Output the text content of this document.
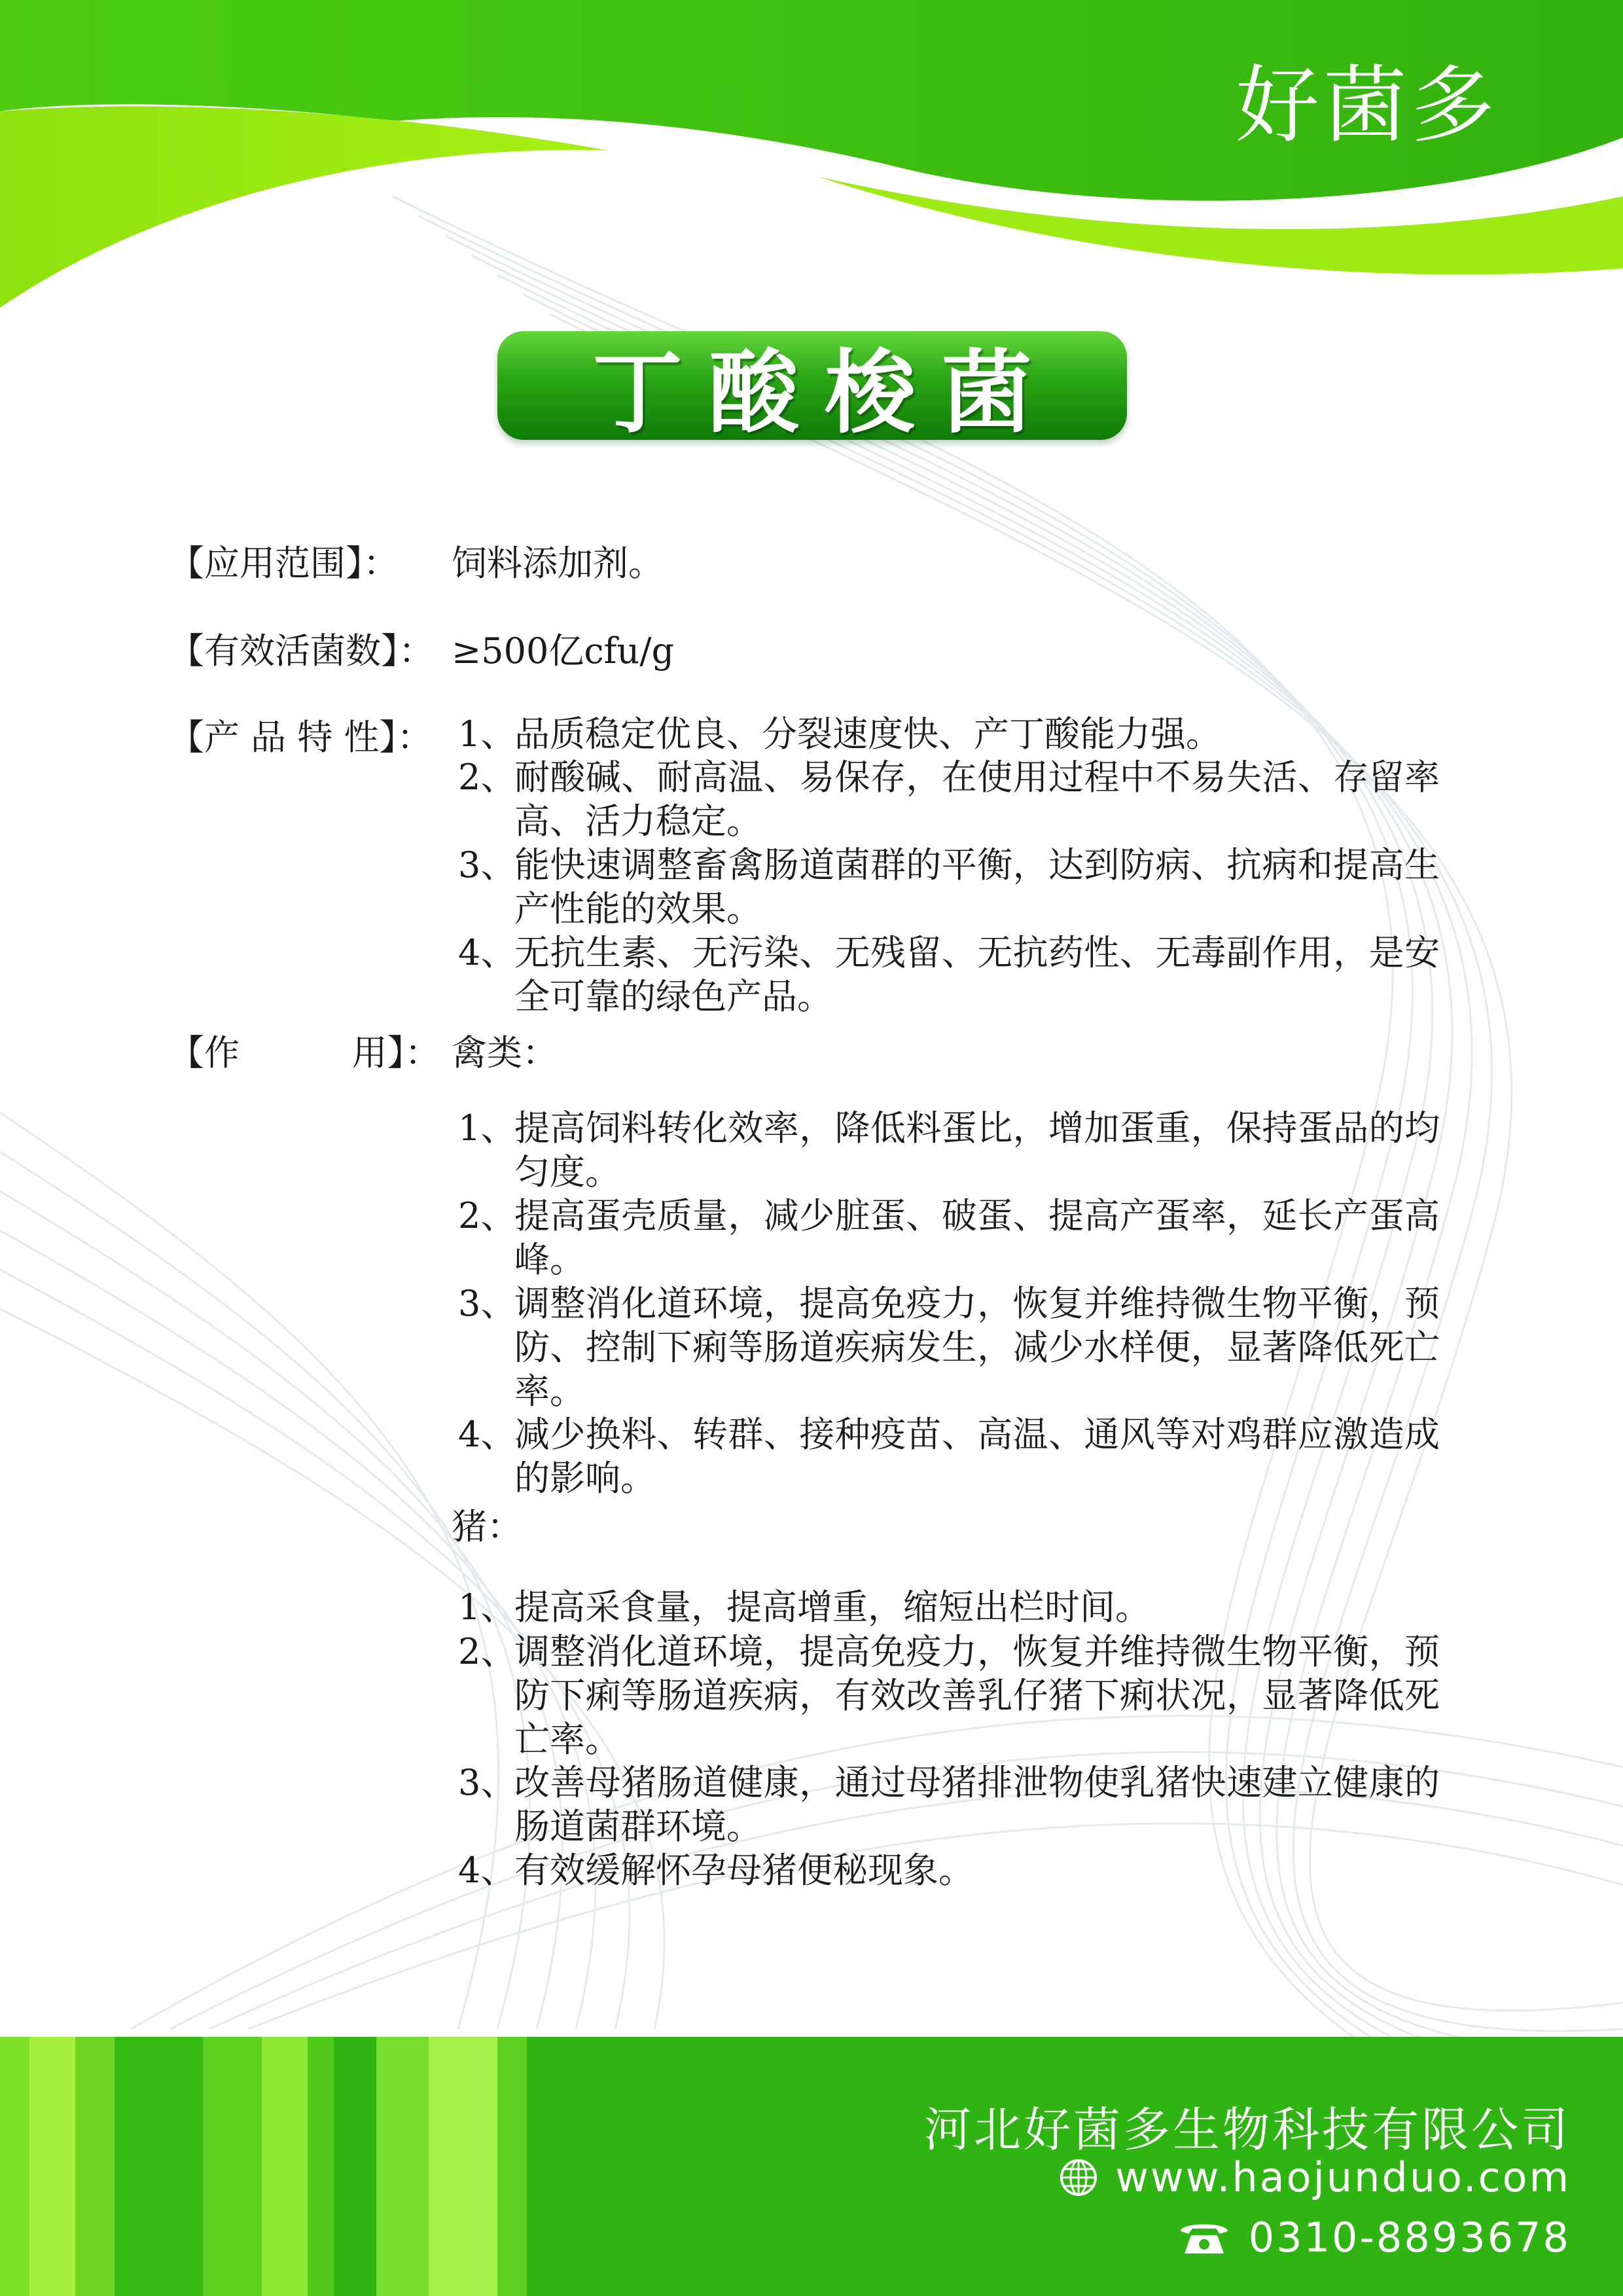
好菌多
丁酸梭菌
【应用范围】： 饲料添加剂。
【有效活菌数】： ≥500亿cfu/g
【产 品 特 性】： 1、
品质稳定优良、分裂速度快、产丁酸能力强。
2、
耐酸碱、耐高温、易保存，在使用过程中不易失活、存留率高、活力稳定。
3、
能快速调整畜禽肠道菌群的平衡，达到防病、抗病和提高生产性能的效果。
4、
无抗生素、无污染、无残留、无抗药性、无毒副作用，是安全可靠的绿色产品。
【作          用】： 禽类：
1、
提高饲料转化效率，降低料蛋比，增加蛋重，保持蛋品的均匀度。
2、
提高蛋壳质量，减少脏蛋、破蛋、提高产蛋率，延长产蛋高峰。
3、
调整消化道环境，提高免疫力，恢复并维持微生物平衡，预防、控制下痢等肠道疾病发生，减少水样便，显著降低死亡率。
4、
减少换料、转群、接种疫苗、高温、通风等对鸡群应激造成的影响。
猪：
1、
提高采食量，提高增重，缩短出栏时间。
2、
调整消化道环境，提高免疫力，恢复并维持微生物平衡，预防下痢等肠道疾病，有效改善乳仔猪下痢状况，显著降低死亡率。
3、
改善母猪肠道健康，通过母猪排泄物使乳猪快速建立健康的肠道菌群环境。
4、
有效缓解怀孕母猪便秘现象。
河北好菌多生物科技有限公司
www.haojunduo.com
0310-8893678
